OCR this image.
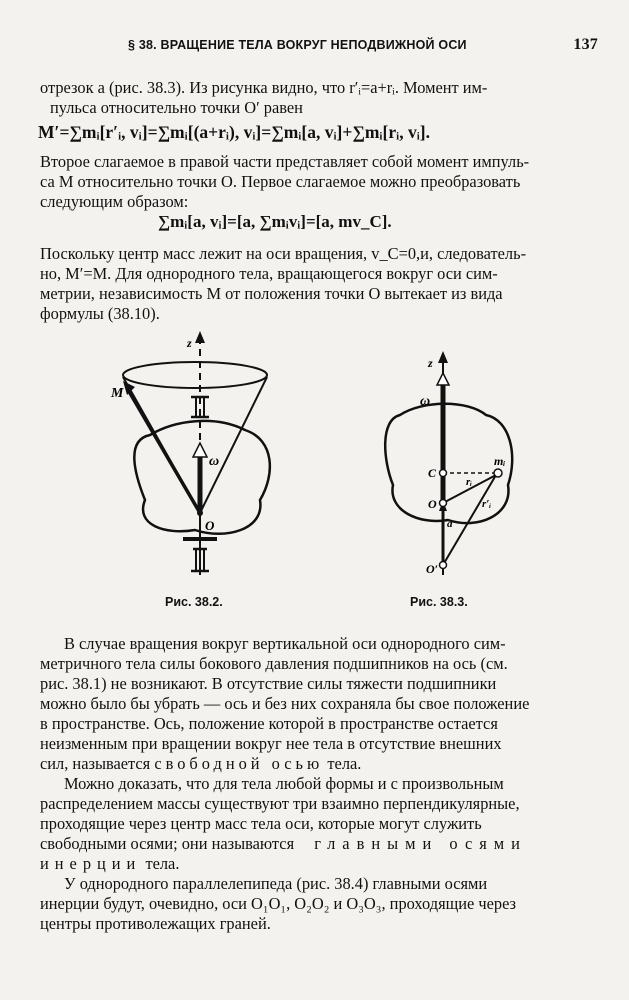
§ 38. ВРАЩЕНИЕ ТЕЛА ВОКРУГ НЕПОДВИЖНОЙ ОСИ	137
отрезок a (рис. 38.3). Из рисунка видно, что r′ᵢ=a+rᵢ. Момент им-
пульса относительно точки O′ равен
M′=∑mᵢ[r′ᵢ, vᵢ]=∑mᵢ[(a+rᵢ), vᵢ]=∑mᵢ[a, vᵢ]+∑mᵢ[rᵢ, vᵢ].
Второе слагаемое в правой части представляет собой момент импуль-
са M относительно точки O. Первое слагаемое можно преобразовать
следующим образом:
∑mᵢ[a, vᵢ]=[a, ∑mᵢvᵢ]=[a, mv_C].
Поскольку центр масс лежит на оси вращения, v_C=0,и, следователь-
но, M′=M. Для однородного тела, вращающегося вокруг оси сим-
метрии, независимость M от положения точки O вытекает из вида
формулы (38.10).
z
M
ω
O
Рис. 38.2.
z
ω
C
O
O′
mᵢ
rᵢ
r′ᵢ
a
Рис. 38.3.
В случае вращения вокруг вертикальной оси однородного сим-
метричного тела силы бокового давления подшипников на ось (см.
рис. 38.1) не возникают. В отсутствие силы тяжести подшипники
можно было бы убрать — ось и без них сохраняла бы свое положение
в пространстве. Ось, положение которой в пространстве остается
неизменным при вращении вокруг нее тела в отсутствие внешних
сил, называется свободной осью тела.
Можно доказать, что для тела любой формы и с произвольным
распределением массы существуют три взаимно перпендикулярные,
проходящие через центр масс тела оси, которые могут служить
свободными осями; они называются главными осями
инерции тела.
У однородного параллелепипеда (рис. 38.4) главными осями
инерции будут, очевидно, оси O₁O₁, O₂O₂ и O₃O₃, проходящие через
центры противолежащих граней.
